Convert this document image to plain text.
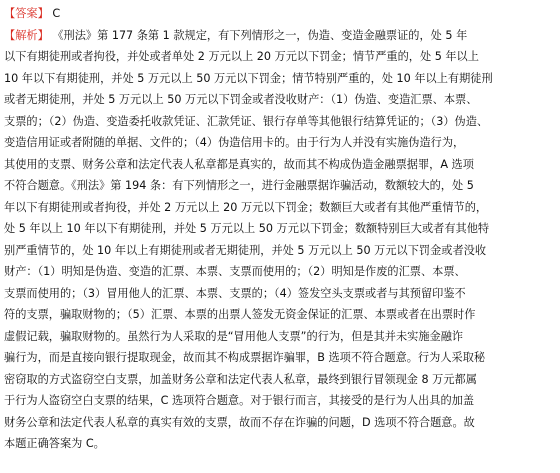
【答案】 C
【解析】 《刑法》第 177 条第 1 款规定，有下列情形之一，伪造、变造金融票证的，处 5 年
以下有期徒刑或者拘役，并处或者单处 2 万元以上 20 万元以下罚金；情节严重的，处 5 年以上
10 年以下有期徒刑，并处 5 万元以上 50 万元以下罚金；情节特别严重的，处 10 年以上有期徒刑
或者无期徒刑，并处 5 万元以上 50 万元以下罚金或者没收财产：（1）伪造、变造汇票、本票、
支票的；（2）伪造、变造委托收款凭证、汇款凭证、银行存单等其他银行结算凭证的；（3）伪造、
变造信用证或者附随的单据、文件的；（4）伪造信用卡的。由于行为人并没有实施伪造行为，
其使用的支票、财务公章和法定代表人私章都是真实的，故而其不构成伪造金融票据罪，A 选项
不符合题意。《刑法》第 194 条：有下列情形之一，进行金融票据诈骗活动，数额较大的，处 5
年以下有期徒刑或者拘役，并处 2 万元以上 20 万元以下罚金；数额巨大或者有其他严重情节的，
处 5 年以上 10 年以下有期徒刑，并处 5 万元以上 50 万元以下罚金；数额特别巨大或者有其他特
别严重情节的，处 10 年以上有期徒刑或者无期徒刑，并处 5 万元以上 50 万元以下罚金或者没收
财产：（1）明知是伪造、变造的汇票、本票、支票而使用的；（2）明知是作废的汇票、本票、
支票而使用的；（3）冒用他人的汇票、本票、支票的；（4）签发空头支票或者与其预留印鉴不
符的支票，骗取财物的；（5）汇票、本票的出票人签发无资金保证的汇票、本票或者在出票时作
虚假记载，骗取财物的。虽然行为人采取的是“冒用他人支票”的行为，但是其并未实施金融诈
骗行为，而是直接向银行提取现金，故而其不构成票据诈骗罪，B 选项不符合题意。行为人采取秘
密窃取的方式盗窃空白支票，加盖财务公章和法定代表人私章，最终到银行冒领现金 8 万元都属
于行为人盗窃空白支票的结果，C 选项符合题意。对于银行而言，其接受的是行为人出具的加盖
财务公章和法定代表人私章的真实有效的支票，故而不存在诈骗的问题，D 选项不符合题意。故
本题正确答案为 C。
